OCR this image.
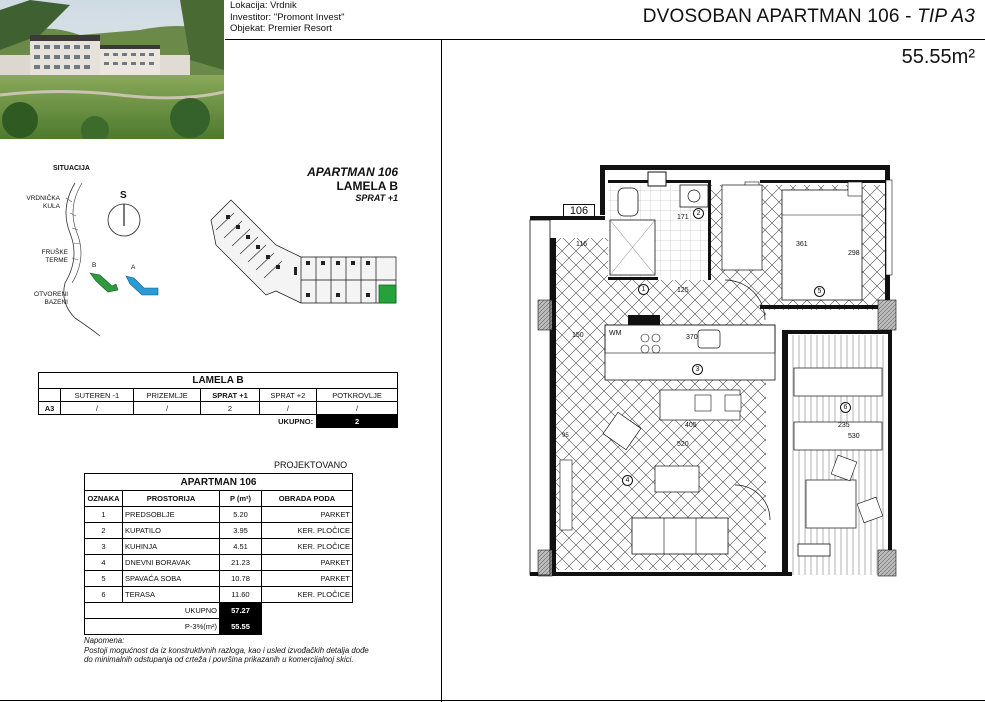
Lokacija: Vrdnik
Investitor: "Promont Invest"
Objekat: Premier Resort
DVOSOBAN APARTMAN 106 - TIP A3
55.55m²
SITUACIJA
S
VRDNIČKA
KULA
FRUŠKE
TERME
OTVORENI
BAZENI
B	A
APARTMAN 106
LAMELA B
SPRAT +1
LAMELA B					
	SUTEREN -1	PRIZEMLJE	SPRAT +1	SPRAT +2	POTKROVLJE
A3	/	/	2	/	/
UKUPNO:					2
PROJEKTOVANO
APARTMAN 106			
OZNAKA	PROSTORIJA	P (m²)	OBRADA PODA
1	PREDSOBLJE	5.20	PARKET
2	KUPATILO	3.95	KER. PLOČICE
3	KUHINJA	4.51	KER. PLOČICE
4	DNEVNI BORAVAK	21.23	PARKET
5	SPAVAĆA SOBA	10.78	PARKET
6	TERASA	11.60	KER. PLOČICE
UKUPNO		57.27	
P-3%(m²)		55.55	
Napomena:
Postoji mogućnost da iz konstruktivnih razloga, kao i usled izvođačkih detalja dođe do minimalnih odstupanja od crteža i površina prikazanih u komercijalnoj skici.
106
116	361
298
171
125
150	370
405
520
235
530
95
WM
1
2
3
4
5
6
